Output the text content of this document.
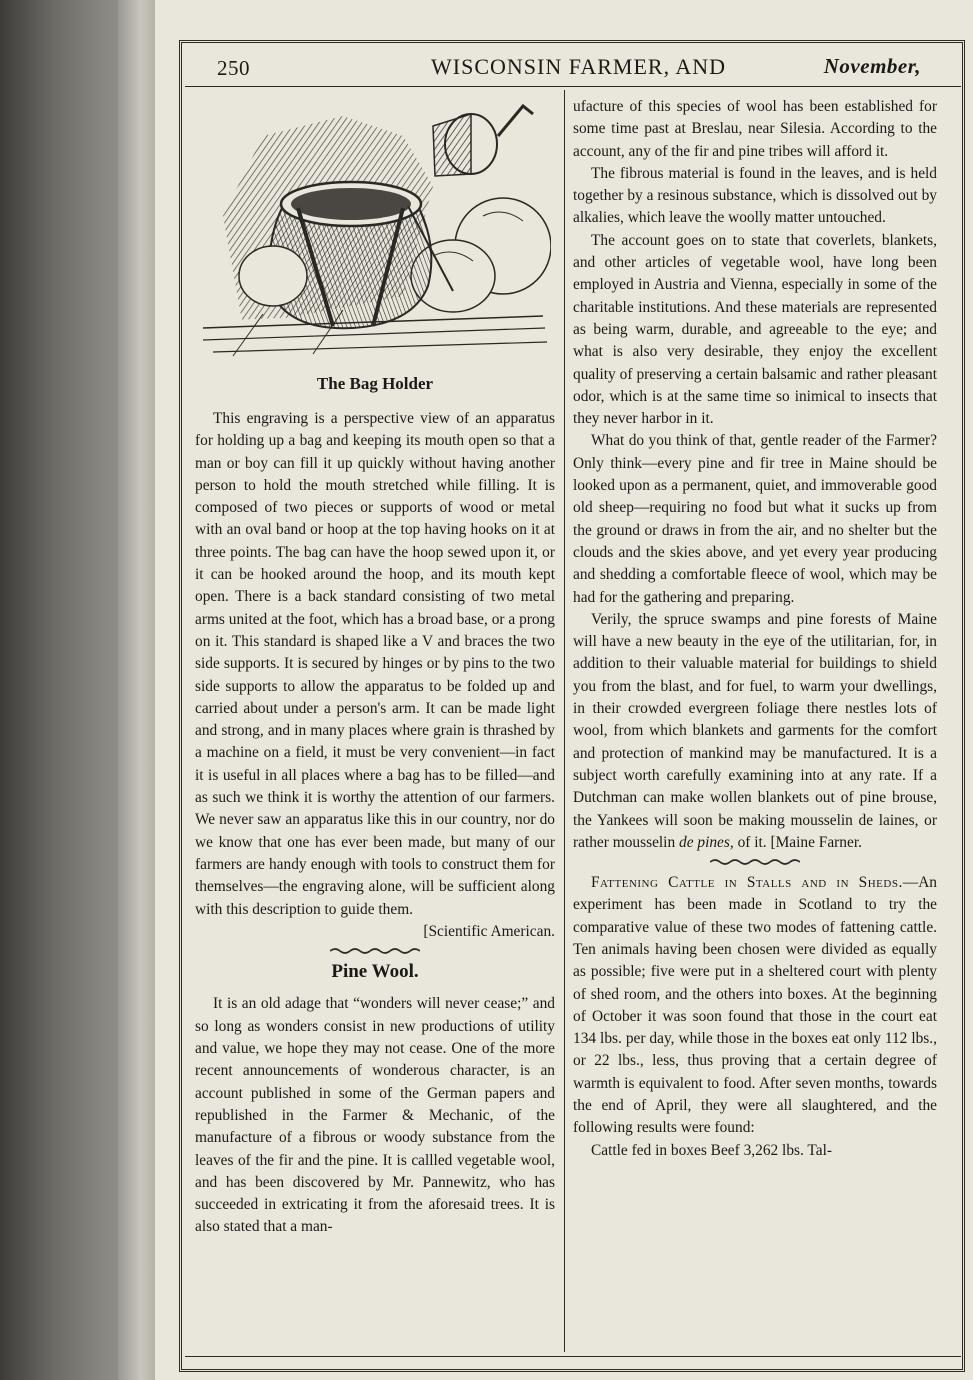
250	WISCONSIN FARMER, AND	November,
The Bag Holder

This engraving is a perspective view of an apparatus for holding up a bag and keeping its mouth open so that a man or boy can fill it up quickly without having another person to hold the mouth stretched while filling. It is composed of two pieces or supports of wood or metal with an oval band or hoop at the top having hooks on it at three points. The bag can have the hoop sewed upon it, or it can be hooked around the hoop, and its mouth kept open. There is a back standard consisting of two metal arms united at the foot, which has a broad base, or a prong on it. This standard is shaped like a V and braces the two side supports. It is secured by hinges or by pins to the two side supports to allow the apparatus to be folded up and carried about under a person's arm. It can be made light and strong, and in many places where grain is thrashed by a machine on a field, it must be very convenient—in fact it is useful in all places where a bag has to be filled—and as such we think it is worthy the attention of our farmers. We never saw an apparatus like this in our country, nor do we know that one has ever been made, but many of our farmers are handy enough with tools to construct them for themselves—the engraving alone, will be sufficient along with this description to guide them.

[Scientific American.
Pine Wool.

It is an old adage that “wonders will never cease;” and so long as wonders consist in new productions of utility and value, we hope they may not cease. One of the more recent announcements of wonderous character, is an account published in some of the German papers and republished in the Farmer & Mechanic, of the manufacture of a fibrous or woody substance from the leaves of the fir and the pine. It is callled vegetable wool, and has been discovered by Mr. Pannewitz, who has succeeded in extricating it from the aforesaid trees. It is also stated that a man-

ufacture of this species of wool has been established for some time past at Breslau, near Silesia. According to the account, any of the fir and pine tribes will afford it.

The fibrous material is found in the leaves, and is held together by a resinous substance, which is dissolved out by alkalies, which leave the woolly matter untouched.

The account goes on to state that coverlets, blankets, and other articles of vegetable wool, have long been employed in Austria and Vienna, especially in some of the charitable institutions. And these materials are represented as being warm, durable, and agreeable to the eye; and what is also very desirable, they enjoy the excellent quality of preserving a certain balsamic and rather pleasant odor, which is at the same time so inimical to insects that they never harbor in it.

What do you think of that, gentle reader of the Farmer? Only think—every pine and fir tree in Maine should be looked upon as a permanent, quiet, and immoverable good old sheep—requiring no food but what it sucks up from the ground or draws in from the air, and no shelter but the clouds and the skies above, and yet every year producing and shedding a comfortable fleece of wool, which may be had for the gathering and preparing.

Verily, the spruce swamps and pine forests of Maine will have a new beauty in the eye of the utilitarian, for, in addition to their valuable material for buildings to shield you from the blast, and for fuel, to warm your dwellings, in their crowded evergreen foliage there nestles lots of wool, from which blankets and garments for the comfort and protection of mankind may be manufactured. It is a subject worth carefully examining into at any rate. If a Dutchman can make wollen blankets out of pine brouse, the Yankees will soon be making mousselin de laines, or rather mousselin de pines, of it. [Maine Farner.

Fattening Cattle in Stalls and in Sheds.—An experiment has been made in Scotland to try the comparative value of these two modes of fattening cattle. Ten animals having been chosen were divided as equally as possible; five were put in a sheltered court with plenty of shed room, and the others into boxes. At the beginning of October it was soon found that those in the court eat 134 lbs. per day, while those in the boxes eat only 112 lbs., or 22 lbs., less, thus proving that a certain degree of warmth is equivalent to food. After seven months, towards the end of April, they were all slaughtered, and the following results were found:

Cattle fed in boxes Beef 3,262 lbs. Tal-
